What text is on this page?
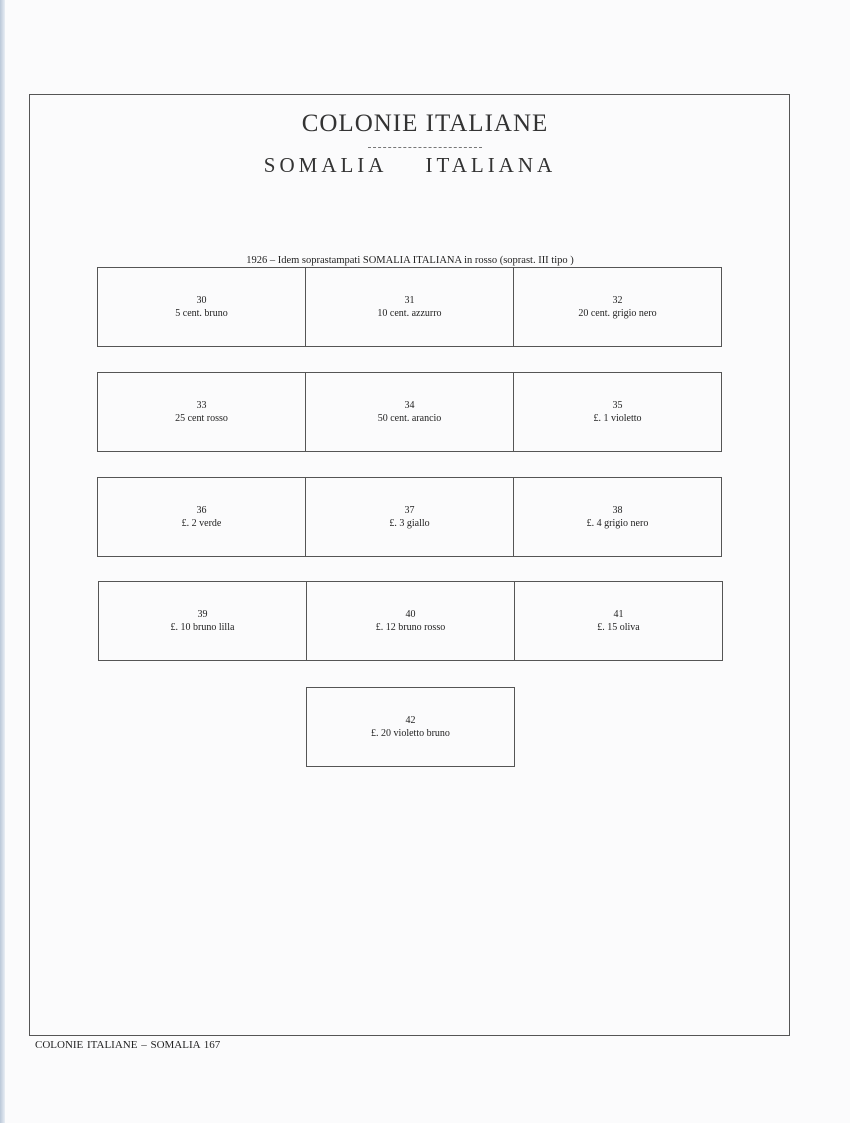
COLONIE ITALIANE
SOMALIA ITALIANA
1926 – Idem soprastampati SOMALIA ITALIANA in rosso (soprast. III tipo )
30
5 cent. bruno
31
10 cent. azzurro
32
20 cent. grigio nero
33
25 cent rosso
34
50 cent. arancio
35
£. 1 violetto
36
£. 2 verde
37
£. 3 giallo
38
£. 4 grigio nero
39
£. 10 bruno lilla
40
£. 12 bruno rosso
41
£. 15 oliva
42
£. 20 violetto bruno
COLONIE ITALIANE – SOMALIA 167
